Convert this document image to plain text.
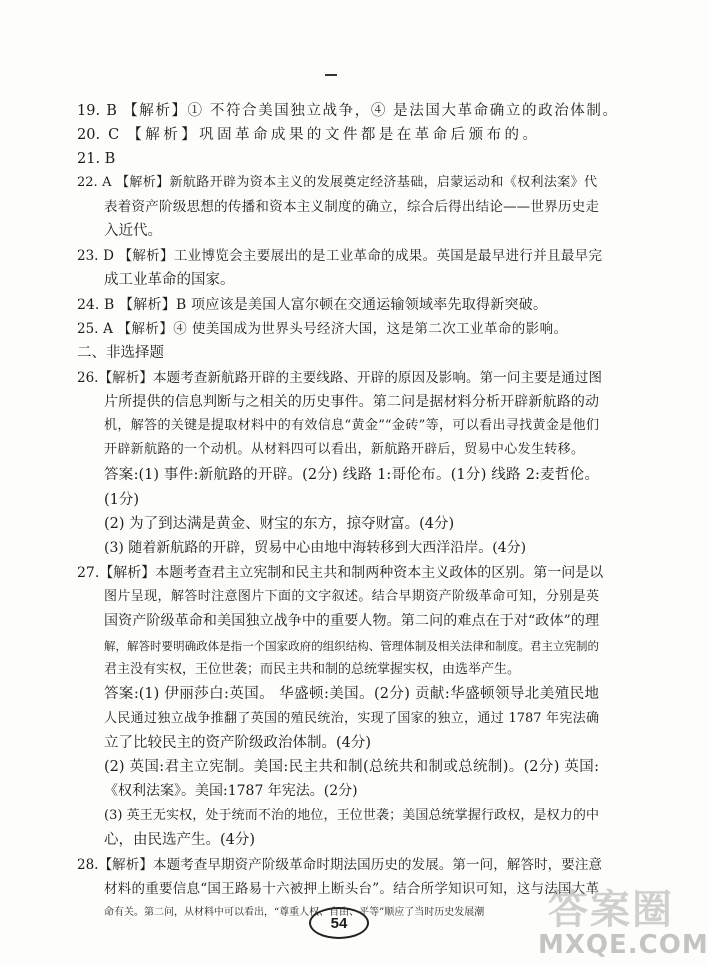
19. B 【解析】① 不符合美国独立战争，④ 是法国大革命确立的政治体制。
20. C 【解析】巩固革命成果的文件都是在革命后颁布的。
21. B
22. A 【解析】新航路开辟为资本主义的发展奠定经济基础，启蒙运动和《权利法案》代
表着资产阶级思想的传播和资本主义制度的确立，综合后得出结论——世界历史走
入近代。
23. D 【解析】工业博览会主要展出的是工业革命的成果。英国是最早进行并且最早完
成工业革命的国家。
24. B 【解析】B 项应该是美国人富尔顿在交通运输领域率先取得新突破。
25. A 【解析】④ 使美国成为世界头号经济大国，这是第二次工业革命的影响。
二、非选择题
26.【解析】本题考查新航路开辟的主要线路、开辟的原因及影响。第一问主要是通过图
片所提供的信息判断与之相关的历史事件。第二问是据材料分析开辟新航路的动
机，解答的关键是提取材料中的有效信息“黄金”“金砖”等，可以看出寻找黄金是他们
开辟新航路的一个动机。从材料四可以看出，新航路开辟后，贸易中心发生转移。
答案:(1) 事件:新航路的开辟。(2分) 线路 1:哥伦布。(1分) 线路 2:麦哲伦。
(1分)
(2) 为了到达满是黄金、财宝的东方，掠夺财富。(4分)
(3) 随着新航路的开辟，贸易中心由地中海转移到大西洋沿岸。(4分)
27.【解析】本题考查君主立宪制和民主共和制两种资本主义政体的区别。第一问是以
图片呈现，解答时注意图片下面的文字叙述。结合早期资产阶级革命可知，分别是英
国资产阶级革命和美国独立战争中的重要人物。第二问的难点在于对“政体”的理
解，解答时要明确政体是指一个国家政府的组织结构、管理体制及相关法律和制度。君主立宪制的
君主没有实权，王位世袭；而民主共和制的总统掌握实权，由选举产生。
答案:(1) 伊丽莎白:英国。 华盛顿:美国。(2分) 贡献:华盛顿领导北美殖民地
人民通过独立战争推翻了英国的殖民统治，实现了国家的独立，通过 1787 年宪法确
立了比较民主的资产阶级政治体制。(4分)
(2) 英国:君主立宪制。美国:民主共和制(总统共和制或总统制)。(2分) 英国:
《权利法案》。美国:1787 年宪法。(2分)
(3) 英王无实权，处于统而不治的地位，王位世袭；美国总统掌握行政权，是权力的中
心，由民选产生。(4分)
28.【解析】本题考查早期资产阶级革命时期法国历史的发展。第一问，解答时，要注意
材料的重要信息“国王路易十六被押上断头台”。结合所学知识可知，这与法国大革
命有关。第二问，从材料中可以看出，“尊重人权、自由、平等”顺应了当时历史发展潮
54	答案圈
MXQE.COM
